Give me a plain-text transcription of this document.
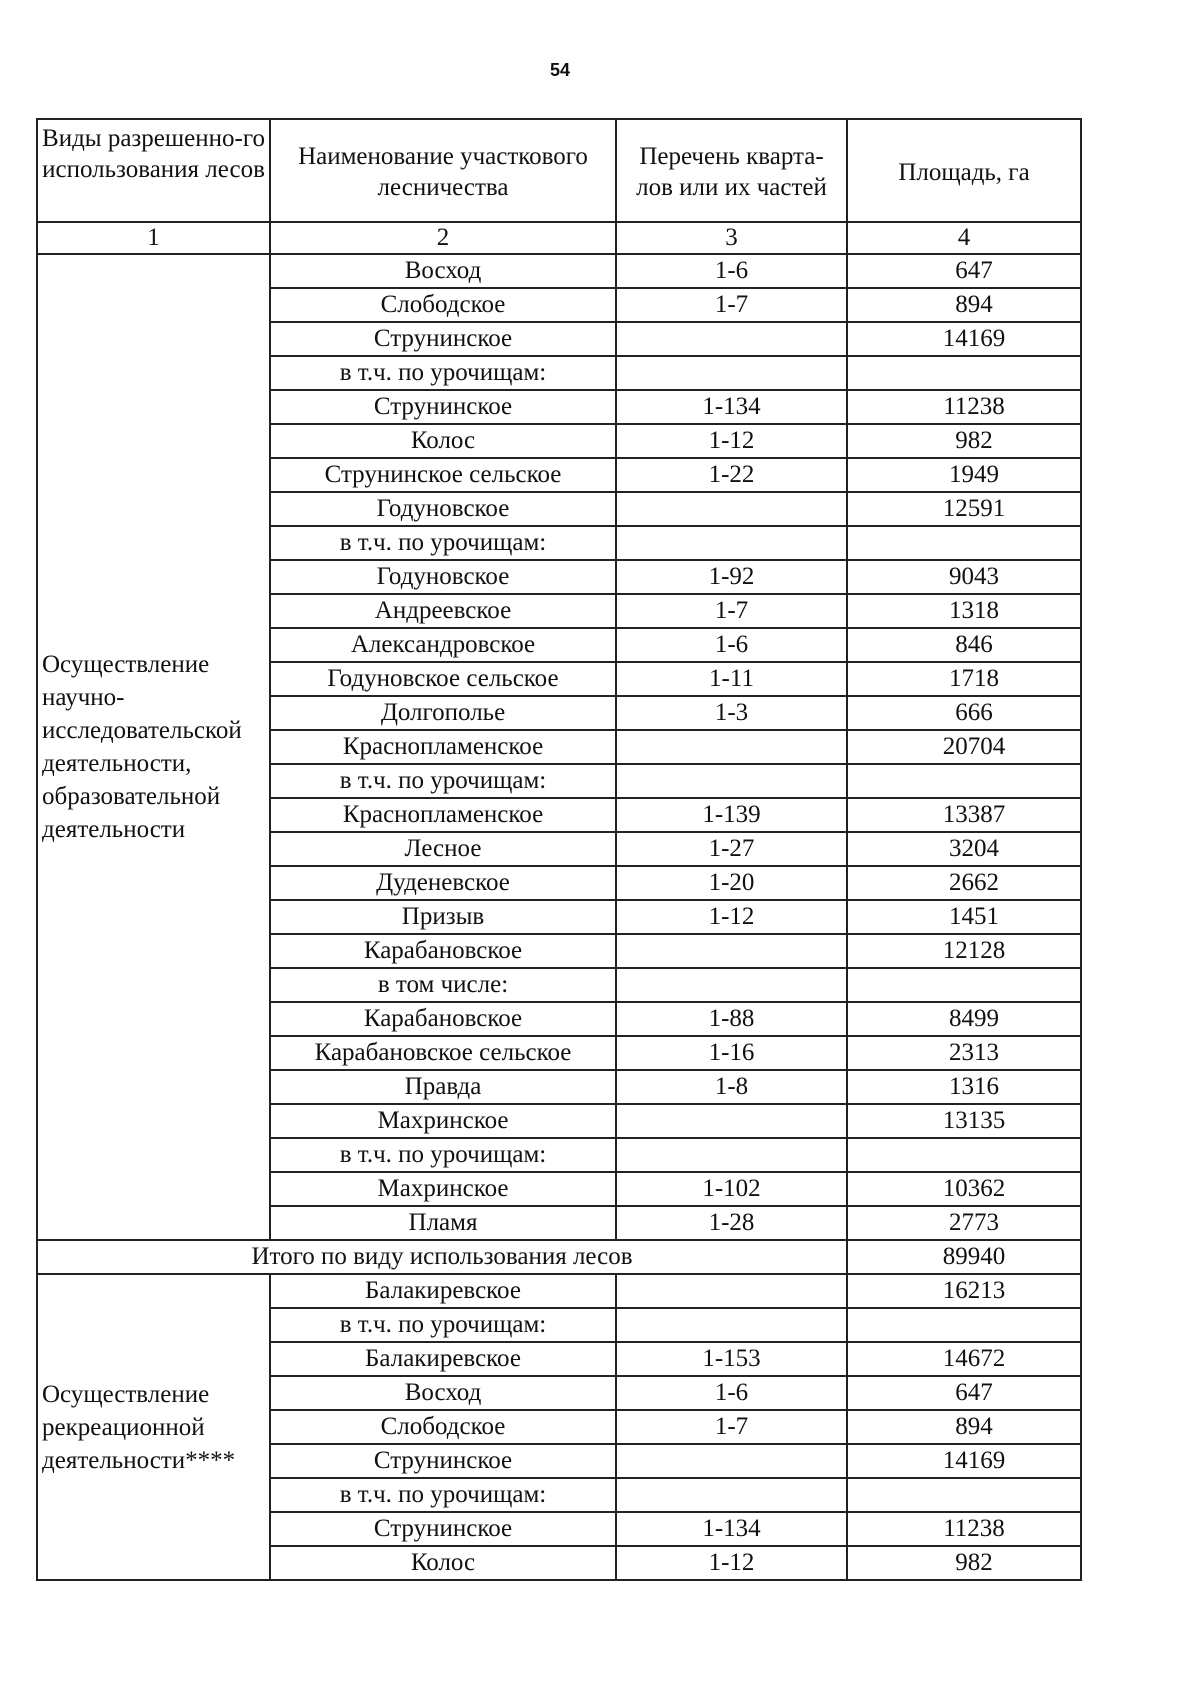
54
Виды разрешенно-го использования лесов	Наименование участкового лесничества	Перечень кварта-лов или их частей	Площадь, га
1	2	3	4
Осуществление научно-исследовательской деятельности, образовательной деятельности	Восход	1-6	647
	Слободское	1-7	894
	Струнинское		14169
	в т.ч. по урочищам:		
	Струнинское	1-134	11238
	Колос	1-12	982
	Струнинское сельское	1-22	1949
	Годуновское		12591
	в т.ч. по урочищам:		
	Годуновское	1-92	9043
	Андреевское	1-7	1318
	Александровское	1-6	846
	Годуновское сельское	1-11	1718
	Долгополье	1-3	666
	Краснопламенское		20704
	в т.ч. по урочищам:		
	Краснопламенское	1-139	13387
	Лесное	1-27	3204
	Дуденевское	1-20	2662
	Призыв	1-12	1451
	Карабановское		12128
	в том числе:		
	Карабановское	1-88	8499
	Карабановское сельское	1-16	2313
	Правда	1-8	1316
	Махринское		13135
	в т.ч. по урочищам:		
	Махринское	1-102	10362
	Пламя	1-28	2773
Итого по виду использования лесов			89940
Осуществление рекреационной деятельности****	Балакиревское		16213
	в т.ч. по урочищам:		
	Балакиревское	1-153	14672
	Восход	1-6	647
	Слободское	1-7	894
	Струнинское		14169
	в т.ч. по урочищам:		
	Струнинское	1-134	11238
	Колос	1-12	982
